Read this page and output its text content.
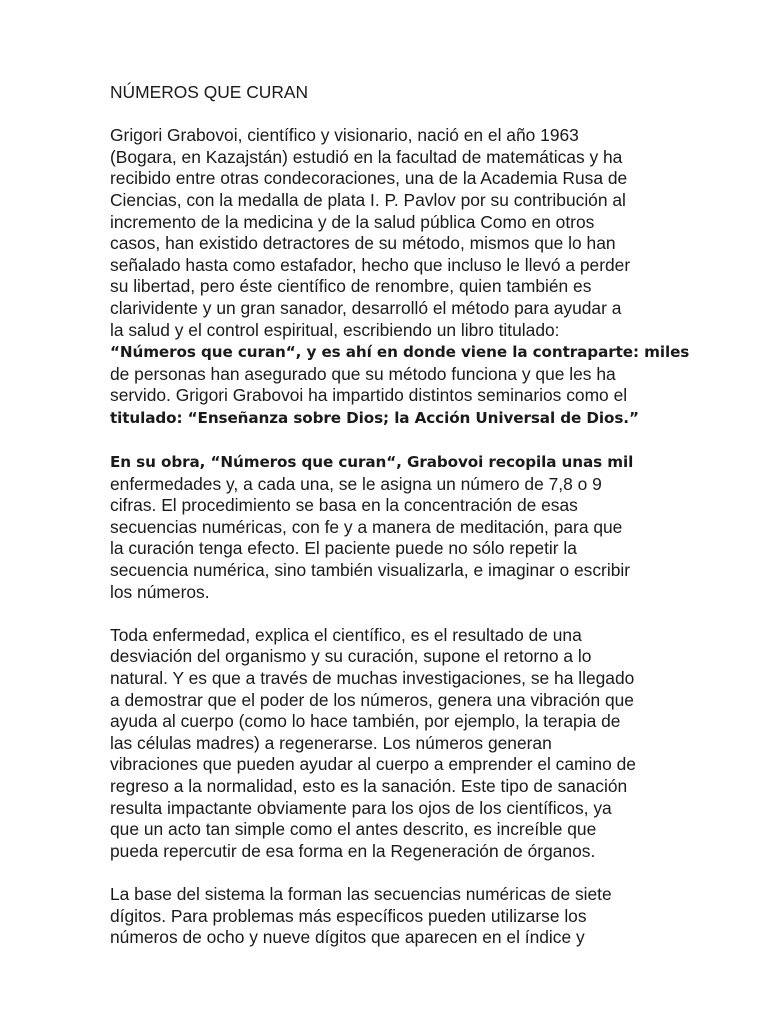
NÚMEROS QUE CURAN

Grigori Grabovoi, científico y visionario, nació en el año 1963
(Bogara, en Kazajstán) estudió en la facultad de matemáticas y ha
recibido entre otras condecoraciones, una de la Academia Rusa de
Ciencias, con la medalla de plata I. P. Pavlov por su contribución al
incremento de la medicina y de la salud pública Como en otros
casos, han existido detractores de su método, mismos que lo han
señalado hasta como estafador, hecho que incluso le llevó a perder
su libertad, pero éste científico de renombre, quien también es
clarividente y un gran sanador, desarrolló el método para ayudar a
la salud y el control espiritual, escribiendo un libro titulado:
“Números que curan“, y es ahí en donde viene la contraparte: miles
de personas han asegurado que su método funciona y que les ha
servido. Grigori Grabovoi ha impartido distintos seminarios como el
titulado: “Enseñanza sobre Dios; la Acción Universal de Dios.”

En su obra, “Números que curan“, Grabovoi recopila unas mil
enfermedades y, a cada una, se le asigna un número de 7,8 o 9
cifras. El procedimiento se basa en la concentración de esas
secuencias numéricas, con fe y a manera de meditación, para que
la curación tenga efecto. El paciente puede no sólo repetir la
secuencia numérica, sino también visualizarla, e imaginar o escribir
los números.

Toda enfermedad, explica el científico, es el resultado de una
desviación del organismo y su curación, supone el retorno a lo
natural. Y es que a través de muchas investigaciones, se ha llegado
a demostrar que el poder de los números, genera una vibración que
ayuda al cuerpo (como lo hace también, por ejemplo, la terapia de
las células madres) a regenerarse. Los números generan
vibraciones que pueden ayudar al cuerpo a emprender el camino de
regreso a la normalidad, esto es la sanación. Este tipo de sanación
resulta impactante obviamente para los ojos de los científicos, ya
que un acto tan simple como el antes descrito, es increíble que
pueda repercutir de esa forma en la Regeneración de órganos.

La base del sistema la forman las secuencias numéricas de siete
dígitos. Para problemas más específicos pueden utilizarse los
números de ocho y nueve dígitos que aparecen en el índice y
